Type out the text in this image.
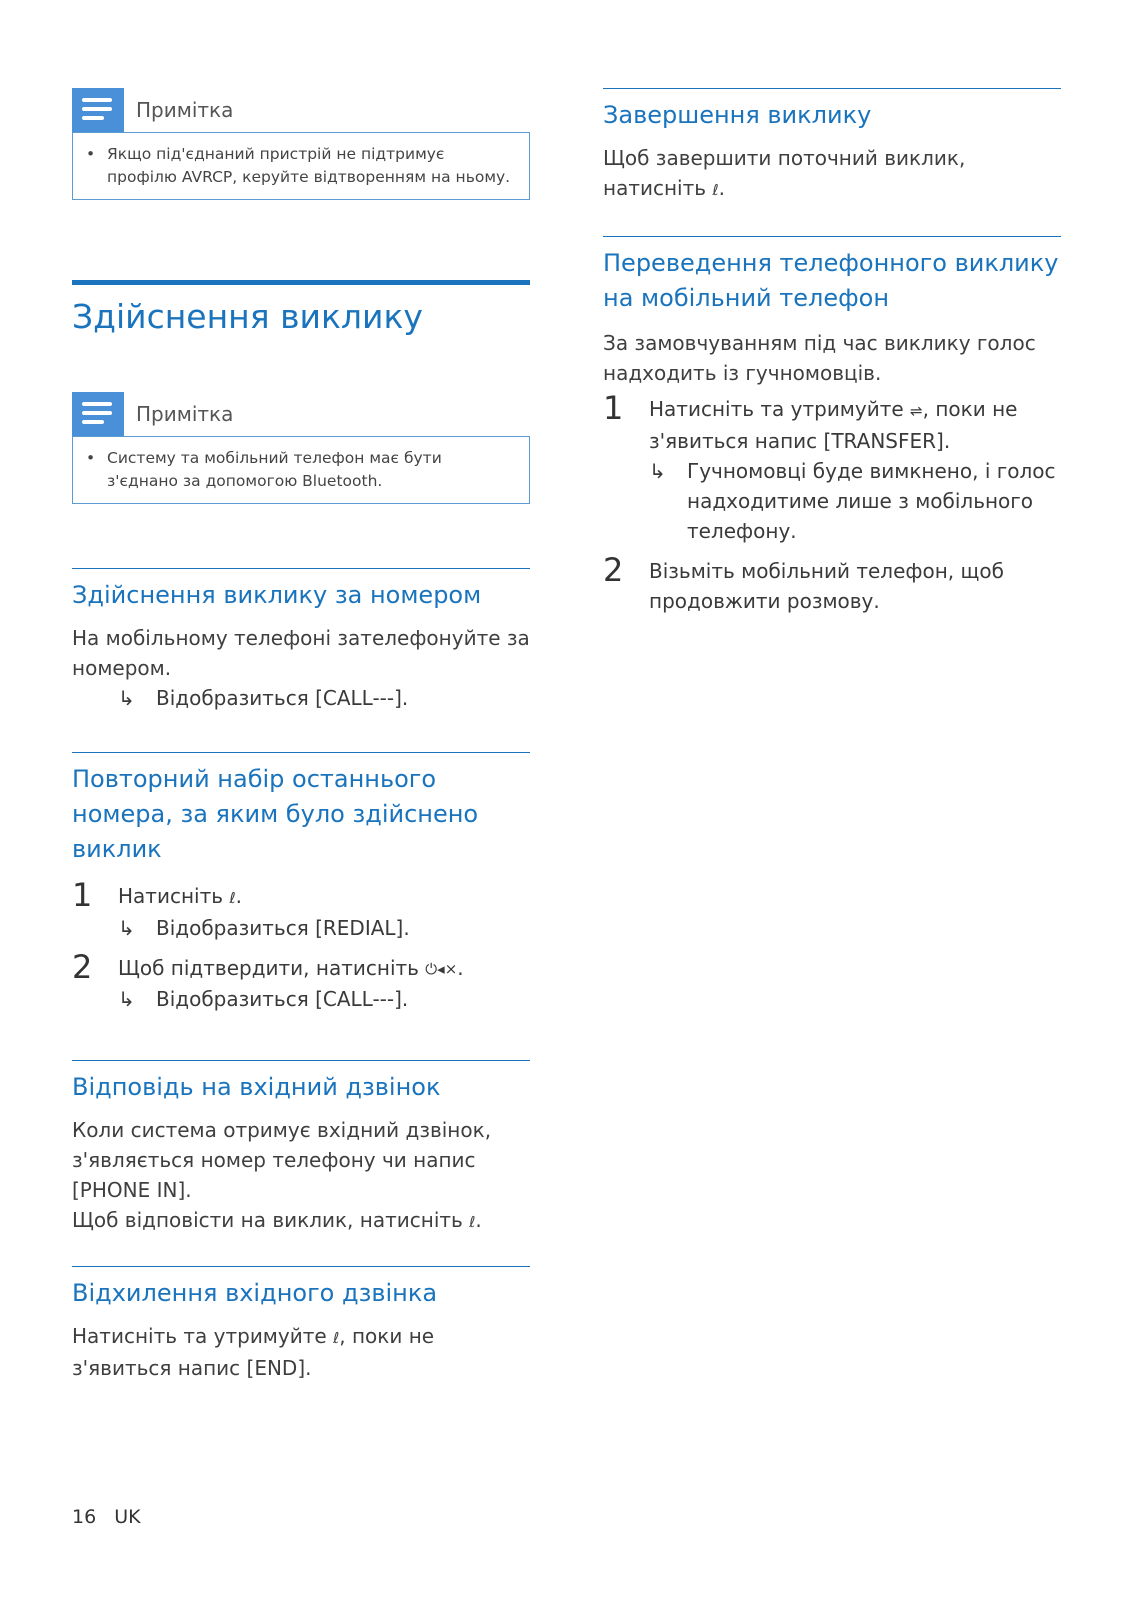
Примітка
• Якщо під'єднаний пристрій не підтримує профілю AVRCP, керуйте відтворенням на ньому.
Здійснення виклику
Примітка
• Систему та мобільний телефон має бути з'єднано за допомогою Bluetooth.
Здійснення виклику за номером

На мобільному телефоні зателефонуйте за номером.

↳ Відобразиться [CALL---].
Повторний набір останнього номера, за яким було здійснено виклик
1 Натисніть ℓ.
↳ Відобразиться [REDIAL].
2 Щоб підтвердити, натисніть ⏻◂×.
↳ Відобразиться [CALL---].
Відповідь на вхідний дзвінок

Коли система отримує вхідний дзвінок, з'являється номер телефону чи напис [PHONE IN].

Щоб відповісти на виклик, натисніть ℓ.

Відхилення вхідного дзвінка

Натисніть та утримуйте ℓ, поки не з'явиться напис [END].

Завершення виклику

Щоб завершити поточний виклик, натисніть ℓ.

Переведення телефонного виклику на мобільний телефон

За замовчуванням під час виклику голос надходить із гучномовців.

1 Натисніть та утримуйте ⇌, поки не з'явиться напис [TRANSFER].
↳ Гучномовці буде вимкнено, і голос надходитиме лише з мобільного телефону.
2 Візьміть мобільний телефон, щоб продовжити розмову.
16 UK
